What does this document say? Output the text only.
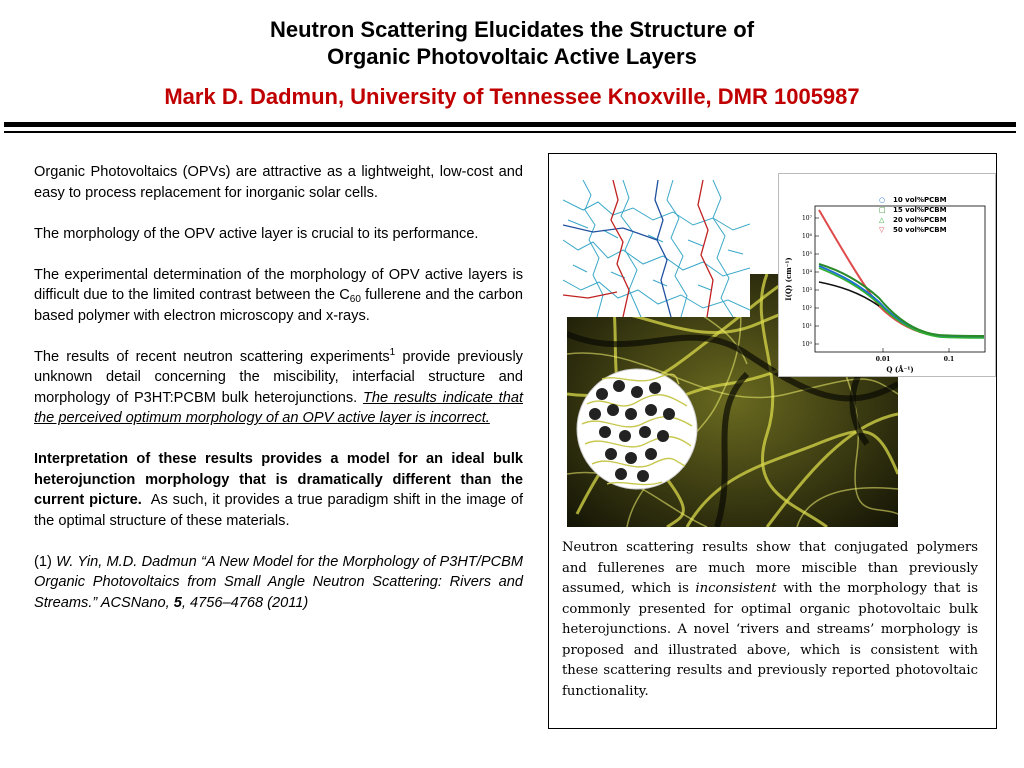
Neutron Scattering Elucidates the Structure of
Organic Photovoltaic Active Layers
Mark D. Dadmun, University of Tennessee Knoxville, DMR 1005987

Organic Photovoltaics (OPVs) are attractive as a lightweight, low-cost and easy to process replacement for inorganic solar cells.

The morphology of the OPV active layer is crucial to its performance.

The experimental determination of the morphology of OPV active layers is difficult due to the limited contrast between the $C_{60}$ fullerene and the carbon based polymer with electron microscopy and x-rays.

The results of recent neutron scattering experiments$^1$ provide previously unknown detail concerning the miscibility, interfacial structure and morphology of P3HT:PCBM bulk heterojunctions. The results indicate that the perceived optimum morphology of an OPV active layer is incorrect.

Interpretation of these results provides a model for an ideal bulk heterojunction morphology that is dramatically different than the current picture. As such, it provides a true paradigm shift in the image of the optimal structure of these materials.

(1) W. Yin, M.D. Dadmun “A New Model for the Morphology of P3HT/PCBM Organic Photovoltaics from Small Angle Neutron Scattering: Rivers and Streams.” ACSNano, 5, 4756–4768 (2011)

10⁷
10⁶
10⁵
10⁴
10³
10²
10¹
10⁰
I(Q) (cm⁻¹)
0.01	0.1
Q (Å⁻¹)
○ 10 vol%PCBM
□ 15 vol%PCBM
△ 20 vol%PCBM
▽ 50 vol%PCBM
Neutron scattering results show that conjugated polymers and fullerenes are much more miscible than previously assumed, which is inconsistent with the morphology that is commonly presented for optimal organic photovoltaic bulk heterojunctions. A novel ‘rivers and streams’ morphology is proposed and illustrated above, which is consistent with these scattering results and previously reported photovoltaic functionality.
